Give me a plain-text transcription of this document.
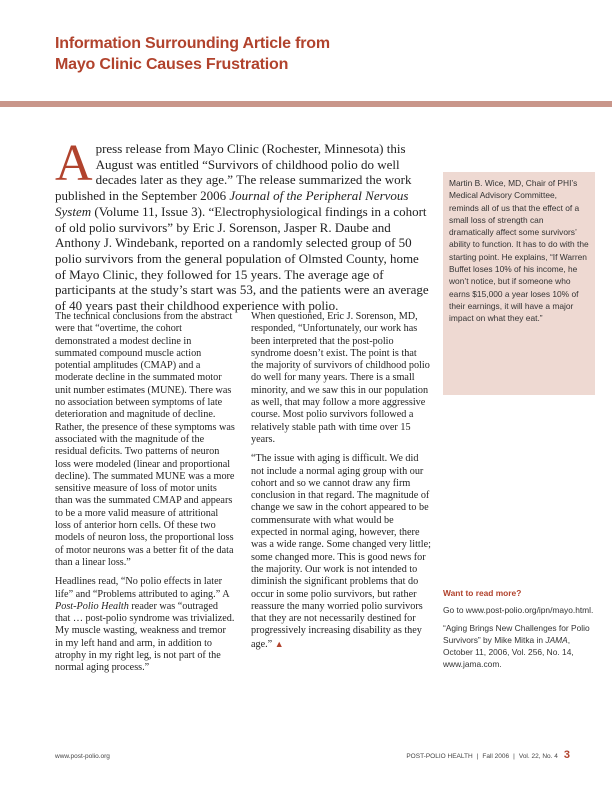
Information Surrounding Article from
Mayo Clinic Causes Frustration

Apress release from Mayo Clinic (Rochester, Minnesota) this August was entitled “Survivors of childhood polio do well decades later as they age.” The release summarized the work published in the September 2006 Journal of the Peripheral Nervous System (Volume 11, Issue 3). “Electrophysiological findings in a cohort of old polio survivors” by Eric J. Sorenson, Jasper R. Daube and Anthony J. Windebank, reported on a randomly selected group of 50 polio survivors from the general population of Olmsted County, home of Mayo Clinic, they followed for 15 years. The average age of participants at the study’s start was 53, and the patients were an average of 40 years past their childhood experience with polio.

The technical conclusions from the abstract were that “overtime, the cohort demonstrated a modest decline in summated compound muscle action potential amplitudes (CMAP) and a moderate decline in the summated motor unit number estimates (MUNE). There was no association between symptoms of late deterioration and magnitude of decline. Rather, the presence of these symptoms was associated with the magnitude of the residual deficits. Two patterns of neuron loss were modeled (linear and proportional decline). The summated MUNE was a more sensitive measure of loss of motor units than was the summated CMAP and appears to be a more valid measure of attritional loss of anterior horn cells. Of these two models of neuron loss, the proportional loss of motor neurons was a better fit of the data than a linear loss.”

Headlines read, “No polio effects in later life” and “Problems attributed to aging.” A Post-Polio Health reader was “outraged that … post-polio syndrome was trivialized. My muscle wasting, weakness and tremor in my left hand and arm, in addition to atrophy in my right leg, is not part of the normal aging process.”

When questioned, Eric J. Sorenson, MD, responded, “Unfortunately, our work has been interpreted that the post-polio syndrome doesn’t exist. The point is that the majority of survivors of childhood polio do well for many years. There is a small minority, and we saw this in our population as well, that may follow a more aggressive course. Most polio survivors followed a relatively stable path with time over 15 years.

“The issue with aging is difficult. We did not include a normal aging group with our cohort and so we cannot draw any firm conclusion in that regard. The magnitude of change we saw in the cohort appeared to be commensurate with what would be expected in normal aging, however, there was a wide range. Some changed very little; some changed more. This is good news for the majority. Our work is not intended to diminish the significant problems that do occur in some polio survivors, but rather reassure the many worried polio survivors that they are not necessarily destined for progressively increasing disability as they age.” ▲

Martin B. Wice, MD, Chair of PHI’s Medical Advisory Committee, reminds all of us that the effect of a small loss of strength can dramatically affect some survivors’ ability to function. It has to do with the starting point. He explains, “If Warren Buffet loses 10% of his income, he won’t notice, but if someone who earns $15,000 a year loses 10% of their earnings, it will have a major impact on what they eat.”

Want to read more?

Go to www.post-polio.org/ipn/mayo.html.

“Aging Brings New Challenges for Polio Survivors” by Mike Mitka in JAMA, October 11, 2006, Vol. 256, No. 14, www.jama.com.

www.post-polio.org	POST-POLIO HEALTH | Fall 2006 | Vol. 22, No. 4 3
